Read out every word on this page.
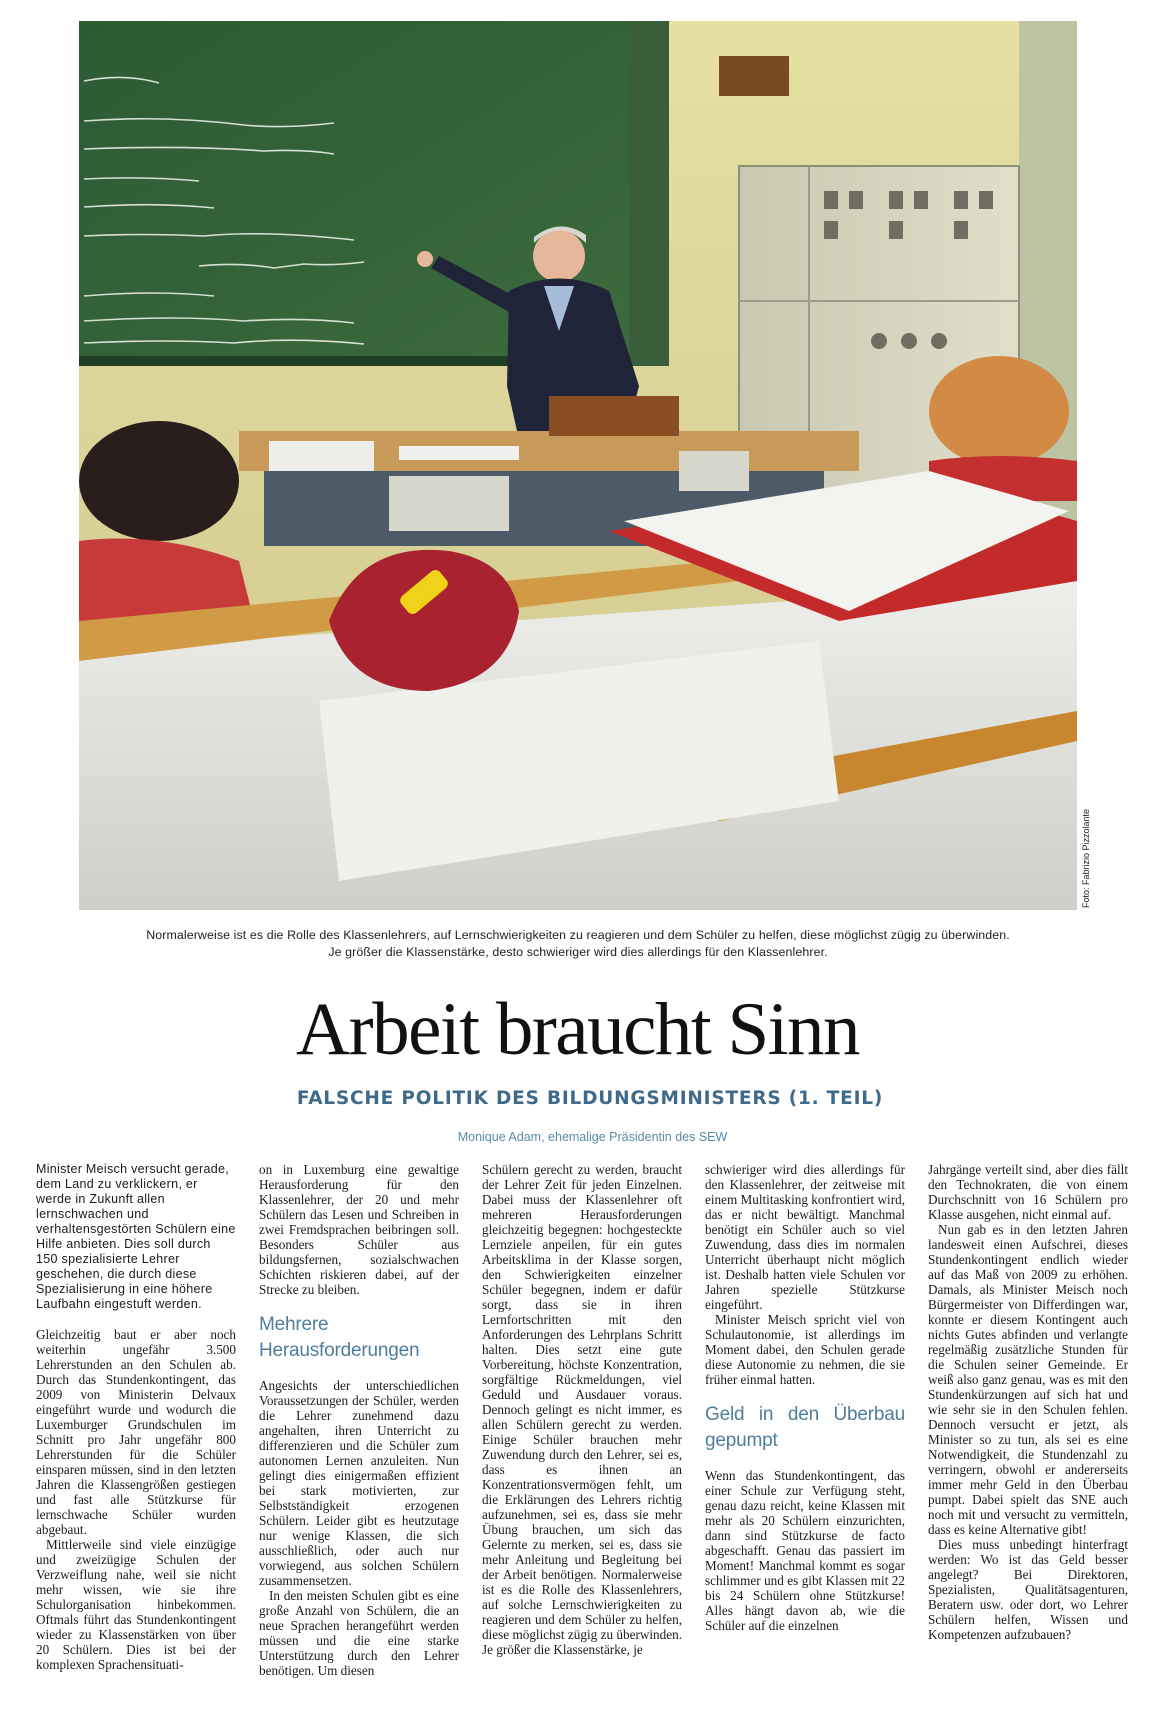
Foto: Fabrizio Pizzolante
Normalerweise ist es die Rolle des Klassenlehrers, auf Lernschwierigkeiten zu reagieren und dem Schüler zu helfen, diese möglichst zügig zu überwinden. Je größer die Klassenstärke, desto schwieriger wird dies allerdings für den Klassenlehrer.
Arbeit braucht Sinn
FALSCHE POLITIK DES BILDUNGSMINISTERS (1. TEIL)
Monique Adam, ehemalige Präsidentin des SEW

Minister Meisch versucht gerade, dem Land zu verklickern, er werde in Zukunft allen lernschwachen und verhaltensgestörten Schülern eine Hilfe anbieten. Dies soll durch 150 spezialisierte Lehrer geschehen, die durch diese Spezialisierung in eine höhere Laufbahn eingestuft werden.

Gleichzeitig baut er aber noch weiterhin ungefähr 3.500 Lehrerstunden an den Schulen ab. Durch das Stundenkontingent, das 2009 von Ministerin Delvaux eingeführt wurde und wodurch die Luxemburger Grundschulen im Schnitt pro Jahr ungefähr 800 Lehrerstunden für die Schüler einsparen müssen, sind in den letzten Jahren die Klassengrößen gestiegen und fast alle Stützkurse für lernschwache Schüler wurden abgebaut.

Mittlerweile sind viele einzügige und zweizügige Schulen der Verzweiflung nahe, weil sie nicht mehr wissen, wie sie ihre Schulorganisation hinbekommen. Oftmals führt das Stundenkontingent wieder zu Klassenstärken von über 20 Schülern. Dies ist bei der komplexen Sprachensituati-

on in Luxemburg eine gewaltige Herausforderung für den Klassenlehrer, der 20 und mehr Schülern das Lesen und Schreiben in zwei Fremdsprachen beibringen soll. Besonders Schüler aus bildungsfernen, sozialschwachen Schichten riskieren dabei, auf der Strecke zu bleiben.

Mehrere Herausforderungen

Angesichts der unterschiedlichen Voraussetzungen der Schüler, werden die Lehrer zunehmend dazu angehalten, ihren Unterricht zu differenzieren und die Schüler zum autonomen Lernen anzuleiten. Nun gelingt dies einigermaßen effizient bei stark motivierten, zur Selbstständigkeit erzogenen Schülern. Leider gibt es heutzutage nur wenige Klassen, die sich ausschließlich, oder auch nur vorwiegend, aus solchen Schülern zusammensetzen.

In den meisten Schulen gibt es eine große Anzahl von Schülern, die an neue Sprachen herangeführt werden müssen und die eine starke Unterstützung durch den Lehrer benötigen. Um diesen

Schülern gerecht zu werden, braucht der Lehrer Zeit für jeden Einzelnen. Dabei muss der Klassenlehrer oft mehreren Herausforderungen gleichzeitig begegnen: hochgesteckte Lernziele anpeilen, für ein gutes Arbeitsklima in der Klasse sorgen, den Schwierigkeiten einzelner Schüler begegnen, indem er dafür sorgt, dass sie in ihren Lernfortschritten mit den Anforderungen des Lehrplans Schritt halten. Dies setzt eine gute Vorbereitung, höchste Konzentration, sorgfältige Rückmeldungen, viel Geduld und Ausdauer voraus. Dennoch gelingt es nicht immer, es allen Schülern gerecht zu werden. Einige Schüler brauchen mehr Zuwendung durch den Lehrer, sei es, dass es ihnen an Konzentrationsvermögen fehlt, um die Erklärungen des Lehrers richtig aufzunehmen, sei es, dass sie mehr Übung brauchen, um sich das Gelernte zu merken, sei es, dass sie mehr Anleitung und Begleitung bei der Arbeit benötigen. Normalerweise ist es die Rolle des Klassenlehrers, auf solche Lernschwierigkeiten zu reagieren und dem Schüler zu helfen, diese möglichst zügig zu überwinden. Je größer die Klassenstärke, je

schwieriger wird dies allerdings für den Klassenlehrer, der zeitweise mit einem Multitasking konfrontiert wird, das er nicht bewältigt. Manchmal benötigt ein Schüler auch so viel Zuwendung, dass dies im normalen Unterricht überhaupt nicht möglich ist. Deshalb hatten viele Schulen vor Jahren spezielle Stützkurse eingeführt.

Minister Meisch spricht viel von Schulautonomie, ist allerdings im Moment dabei, den Schulen gerade diese Autonomie zu nehmen, die sie früher einmal hatten.

Geld in den Überbau gepumpt

Wenn das Stundenkontingent, das einer Schule zur Verfügung steht, genau dazu reicht, keine Klassen mit mehr als 20 Schülern einzurichten, dann sind Stützkurse de facto abgeschafft. Genau das passiert im Moment! Manchmal kommt es sogar schlimmer und es gibt Klassen mit 22 bis 24 Schülern ohne Stützkurse! Alles hängt davon ab, wie die Schüler auf die einzelnen

Jahrgänge verteilt sind, aber dies fällt den Technokraten, die von einem Durchschnitt von 16 Schülern pro Klasse ausgehen, nicht einmal auf.

Nun gab es in den letzten Jahren landesweit einen Aufschrei, dieses Stundenkontingent endlich wieder auf das Maß von 2009 zu erhöhen. Damals, als Minister Meisch noch Bürgermeister von Differdingen war, konnte er diesem Kontingent auch nichts Gutes abfinden und verlangte regelmäßig zusätzliche Stunden für die Schulen seiner Gemeinde. Er weiß also ganz genau, was es mit den Stundenkürzungen auf sich hat und wie sehr sie in den Schulen fehlen. Dennoch versucht er jetzt, als Minister so zu tun, als sei es eine Notwendigkeit, die Stundenzahl zu verringern, obwohl er andererseits immer mehr Geld in den Überbau pumpt. Dabei spielt das SNE auch noch mit und versucht zu vermitteln, dass es keine Alternative gibt!

Dies muss unbedingt hinterfragt werden: Wo ist das Geld besser angelegt? Bei Direktoren, Spezialisten, Qualitätsagenturen, Beratern usw. oder dort, wo Lehrer Schülern helfen, Wissen und Kompetenzen aufzubauen?
